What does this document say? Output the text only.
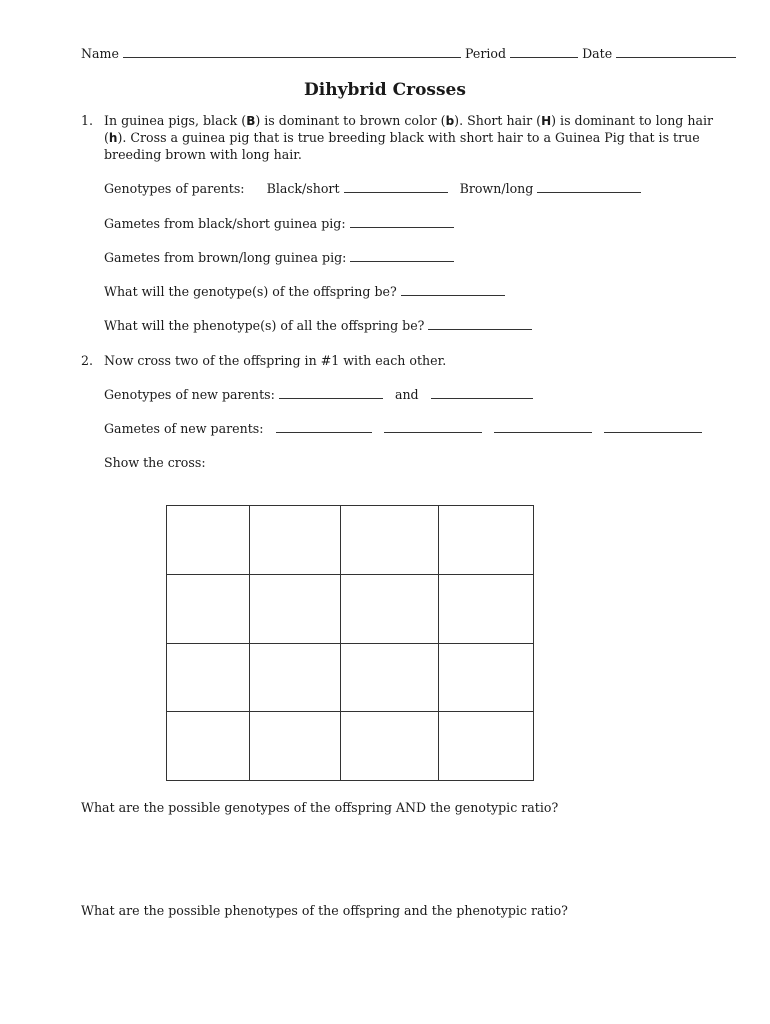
Name	Period	Date
Dihybrid Crosses
1. In guinea pigs, black (B) is dominant to brown color (b). Short hair (H) is dominant to long hair
(h). Cross a guinea pig that is true breeding black with short hair to a Guinea Pig that is true
breeding brown with long hair.
Genotypes of parents: Black/short	Brown/long
Gametes from black/short guinea pig:
Gametes from brown/long guinea pig:
What will the genotype(s) of the offspring be?
What will the phenotype(s) of all the offspring be?
2. Now cross two of the offspring in #1 with each other.
Genotypes of new parents:	and
Gametes of new parents:
Show the cross:

What are the possible genotypes of the offspring AND the genotypic ratio?
What are the possible phenotypes of the offspring and the phenotypic ratio?
